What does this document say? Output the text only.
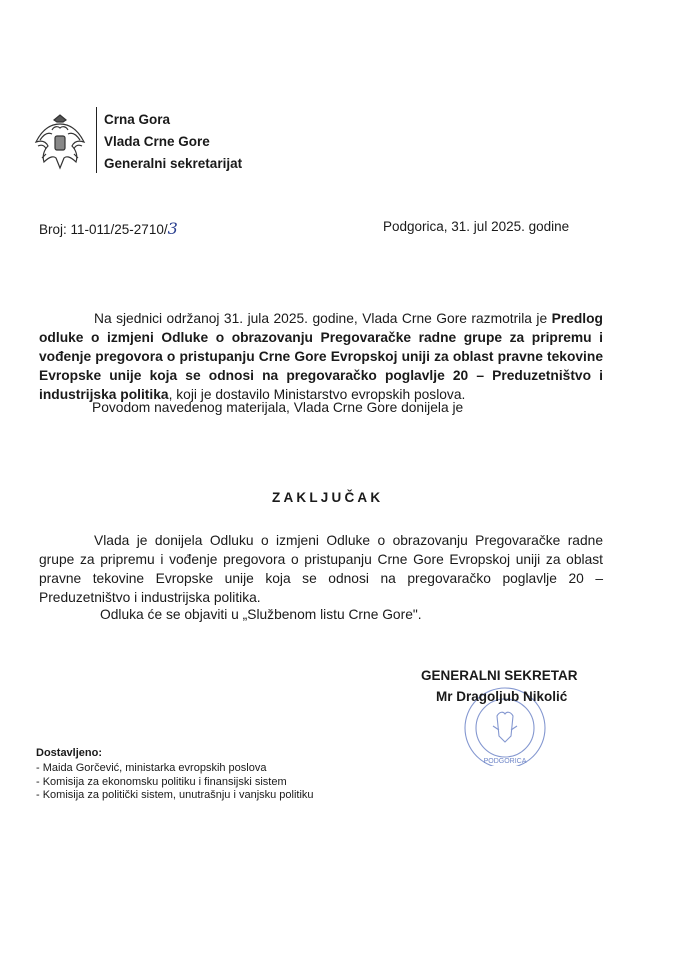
Crna Gora
Vlada Crne Gore
Generalni sekretarijat
Broj: 11-011/25-2710/3	Podgorica, 31. jul 2025. godine
Na sjednici održanoj 31. jula 2025. godine, Vlada Crne Gore razmotrila je Predlog odluke o izmjeni Odluke o obrazovanju Pregovaračke radne grupe za pripremu i vođenje pregovora o pristupanju Crne Gore Evropskoj uniji za oblast pravne tekovine Evropske unije koja se odnosi na pregovaračko poglavlje 20 – Preduzetništvo i industrijska politika, koji je dostavilo Ministarstvo evropskih poslova.
Povodom navedenog materijala, Vlada Crne Gore donijela je
ZAKLJUČAK
Vlada je donijela Odluku o izmjeni Odluke o obrazovanju Pregovaračke radne grupe za pripremu i vođenje pregovora o pristupanju Crne Gore Evropskoj uniji za oblast pravne tekovine Evropske unije koja se odnosi na pregovaračko poglavlje 20 – Preduzetništvo i industrijska politika.
Odluka će se objaviti u „Službenom listu Crne Gore".
PODGORICA
GENERALNI SEKRETAR
Mr Dragoljub Nikolić
Dostavljeno:
- Maida Gorčević, ministarka evropskih poslova
- Komisija za ekonomsku politiku i finansijski sistem
- Komisija za politički sistem, unutrašnju i vanjsku politiku
